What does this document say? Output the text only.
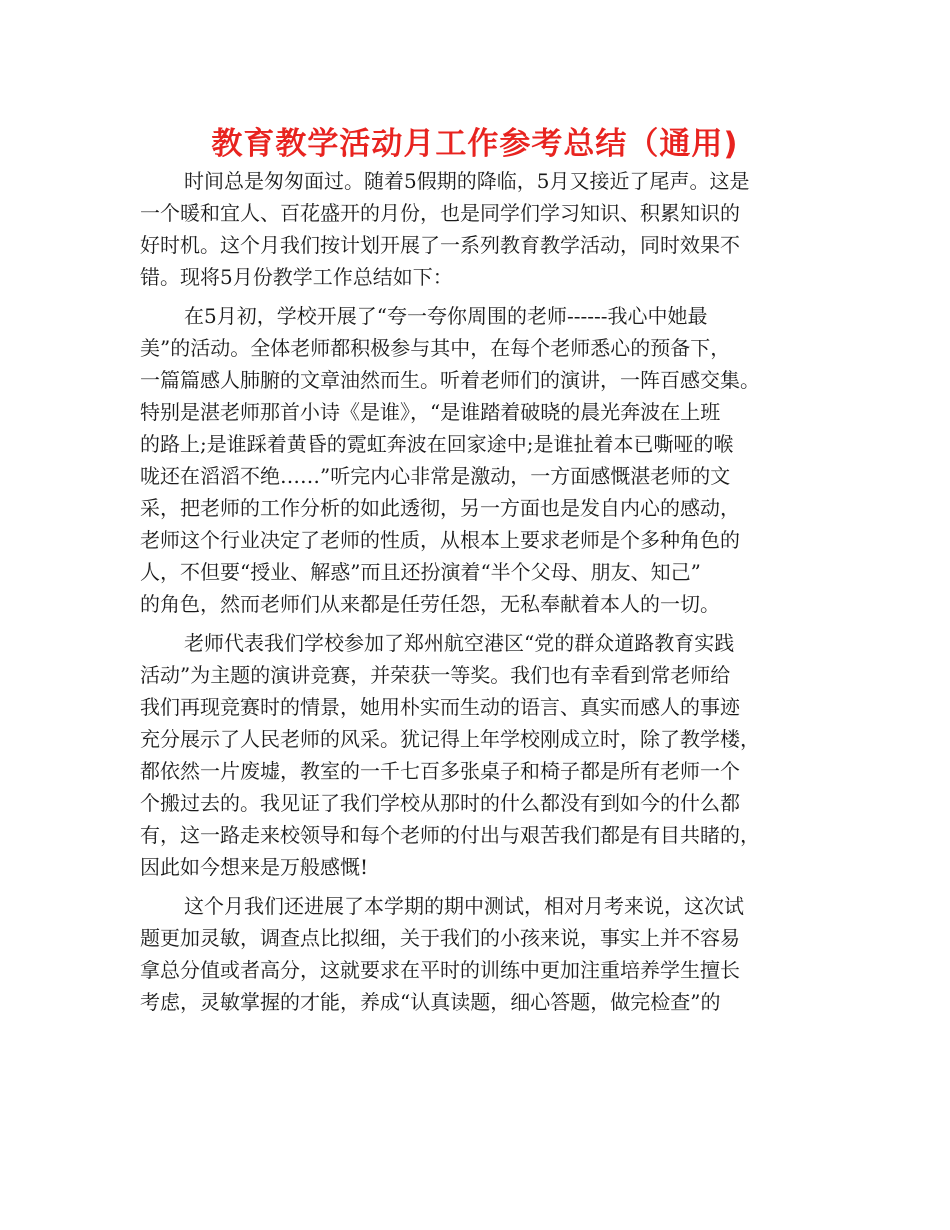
教育教学活动月工作参考总结（通用)

时间总是匆匆面过。随着5假期的降临，5月又接近了尾声。这是
一个暖和宜人、百花盛开的月份，也是同学们学习知识、积累知识的
好时机。这个月我们按计划开展了一系列教育教学活动，同时效果不
错。现将5月份教学工作总结如下：

在5月初，学校开展了“夸一夸你周围的老师------我心中她最
美”的活动。全体老师都积极参与其中，在每个老师悉心的预备下，
一篇篇感人肺腑的文章油然而生。听着老师们的演讲，一阵百感交集。
特别是湛老师那首小诗《是谁》，“是谁踏着破晓的晨光奔波在上班
的路上;是谁踩着黄昏的霓虹奔波在回家途中;是谁扯着本已嘶哑的喉
咙还在滔滔不绝……”听完内心非常是激动，一方面感慨湛老师的文
采，把老师的工作分析的如此透彻，另一方面也是发自内心的感动，
老师这个行业决定了老师的性质，从根本上要求老师是个多种角色的
人，不但要“授业、解惑”而且还扮演着“半个父母、朋友、知己”
的角色，然而老师们从来都是任劳任怨，无私奉献着本人的一切。

老师代表我们学校参加了郑州航空港区“党的群众道路教育实践
活动”为主题的演讲竞赛，并荣获一等奖。我们也有幸看到常老师给
我们再现竞赛时的情景，她用朴实而生动的语言、真实而感人的事迹
充分展示了人民老师的风采。犹记得上年学校刚成立时，除了教学楼，
都依然一片废墟，教室的一千七百多张桌子和椅子都是所有老师一个
个搬过去的。我见证了我们学校从那时的什么都没有到如今的什么都
有，这一路走来校领导和每个老师的付出与艰苦我们都是有目共睹的，
因此如今想来是万般感慨!

这个月我们还进展了本学期的期中测试，相对月考来说，这次试
题更加灵敏，调查点比拟细，关于我们的小孩来说，事实上并不容易
拿总分值或者高分，这就要求在平时的训练中更加注重培养学生擅长
考虑，灵敏掌握的才能，养成“认真读题，细心答题，做完检查”的
